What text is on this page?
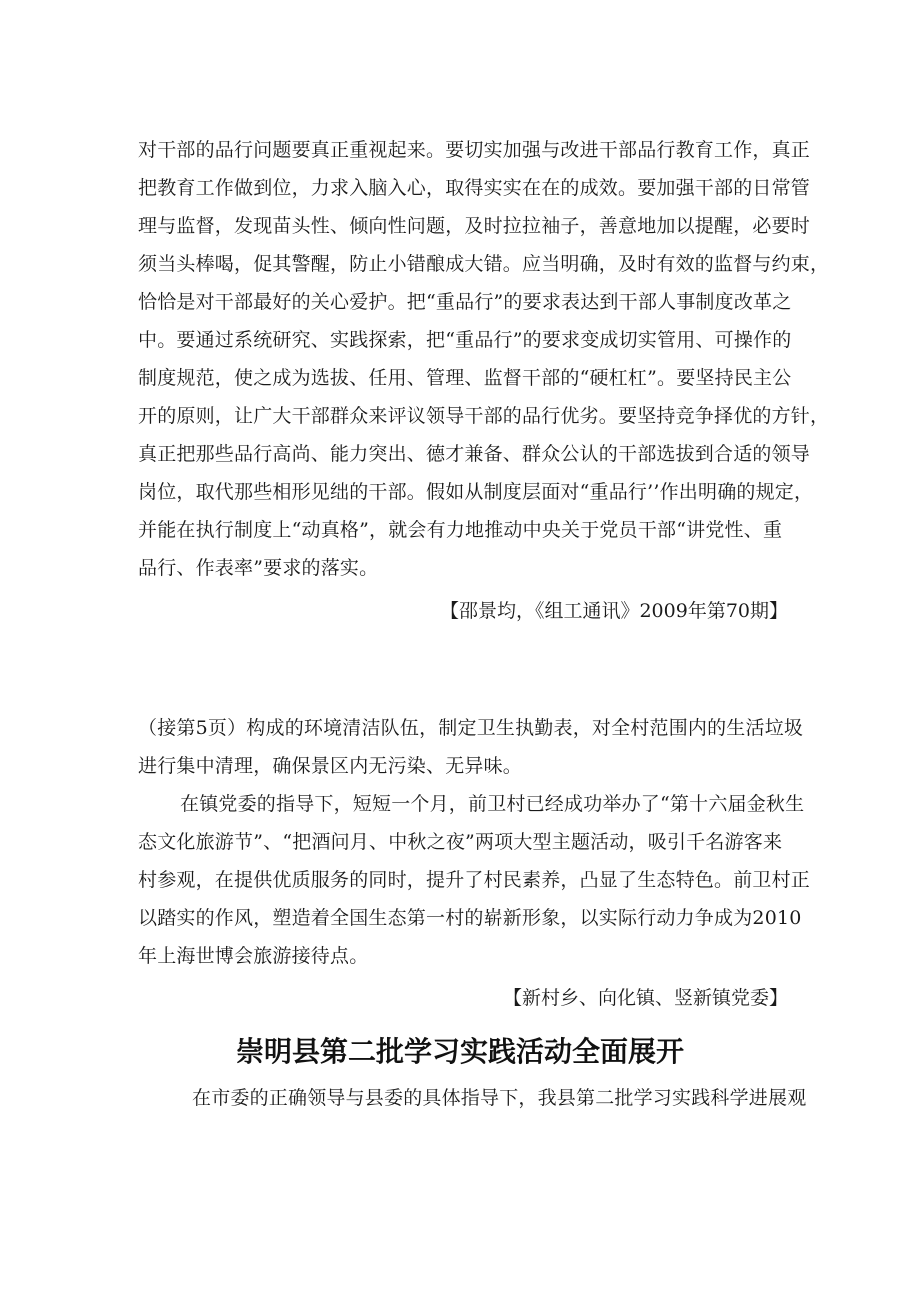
对干部的品行问题要真正重视起来。要切实加强与改进干部品行教育工作，真正
把教育工作做到位，力求入脑入心，取得实实在在的成效。要加强干部的日常管
理与监督，发现苗头性、倾向性问题，及时拉拉袖子，善意地加以提醒，必要时
须当头棒喝，促其警醒，防止小错酿成大错。应当明确，及时有效的监督与约束，
恰恰是对干部最好的关心爱护。把“重品行”的要求表达到干部人事制度改革之
中。要通过系统研究、实践探索，把“重品行”的要求变成切实管用、可操作的
制度规范，使之成为选拔、任用、管理、监督干部的“硬杠杠”。要坚持民主公
开的原则，让广大干部群众来评议领导干部的品行优劣。要坚持竞争择优的方针，
真正把那些品行高尚、能力突出、德才兼备、群众公认的干部选拔到合适的领导
岗位，取代那些相形见绌的干部。假如从制度层面对“重品行’’作出明确的规定，
并能在执行制度上“动真格”，就会有力地推动中央关于党员干部“讲党性、重
品行、作表率”要求的落实。
【邵景均，《组工通讯》2009年第70期】
（接第5页）构成的环境清洁队伍，制定卫生执勤表，对全村范围内的生活垃圾
进行集中清理，确保景区内无污染、无异味。
在镇党委的指导下，短短一个月，前卫村已经成功举办了“第十六届金秋生
态文化旅游节”、“把酒问月、中秋之夜”两项大型主题活动，吸引千名游客来
村参观，在提供优质服务的同时，提升了村民素养，凸显了生态特色。前卫村正
以踏实的作风，塑造着全国生态第一村的崭新形象，以实际行动力争成为2010
年上海世博会旅游接待点。
【新村乡、向化镇、竖新镇党委】
崇明县第二批学习实践活动全面展开
在市委的正确领导与县委的具体指导下，我县第二批学习实践科学进展观
